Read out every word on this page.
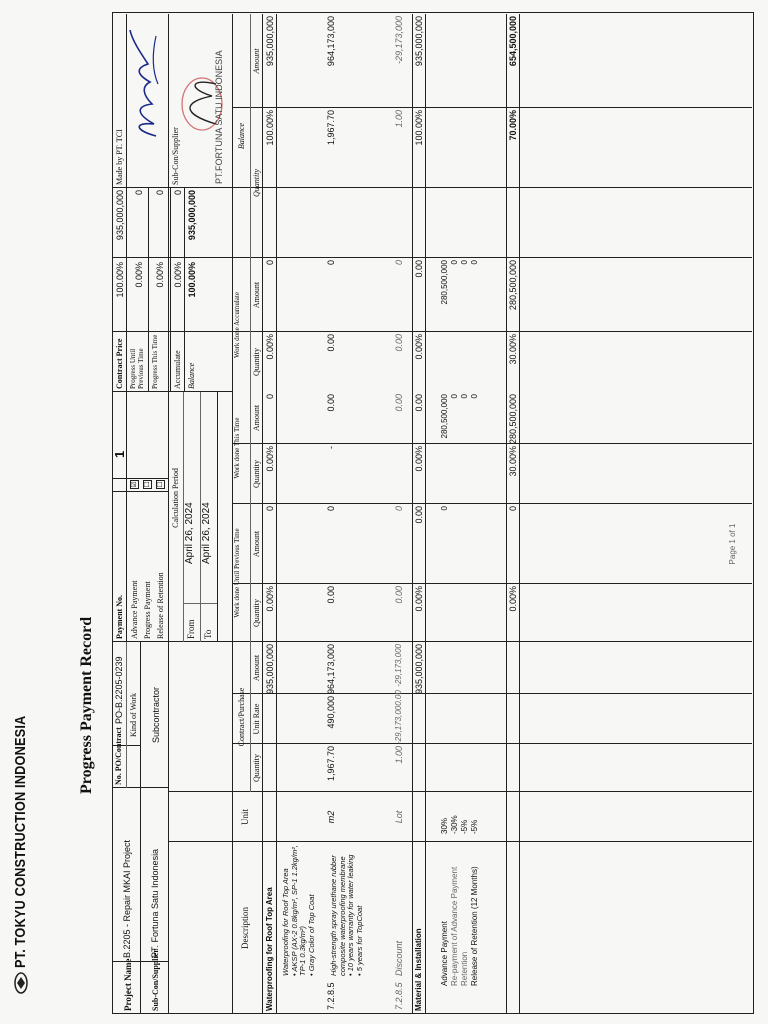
PT. TOKYU CONSTRUCTION INDONESIA
Progress Payment Record
Project Name
B.2205 - Repair MKAI Project
No. PO/Contract
PO-B.2205-0239
Sub-Con/Supplier
PT. Fortuna Satu Indonesia
Kind of Work Subcontractor
Payment No.
1
Advance Payment Progress Payment Release of Retention
☑ ☐ ☐ Calculation Period
From To
April 26, 2024 April 26, 2024
Contract Price
100.00%
935,000,000
Progress Until Previous Time
0.00%
0
Progress This Time
0.00%
0
Accumulate
0.00%
0
Balance
100.00%
935,000,000
Made by PT. TCI	Sub-Con/Supplier	PT.FORTUNA SATU INDONESIA
Description
Unit
Contract/Purchase
Quantity
Unit Rate
Amount
Work done Until Previous Time Quantity
Amount
Work done This Time Quantity
Amount
Work done Accumulate
Quantity
Amount
Balance
Quantity
Amount
Waterproofing for Roof Top Area
935,000,000
0.00%
0
0.00%
0
0.00%
0
100.00%
935,000,000
7.2.8.5
Waterproofing for Roof Top Area
• AKSP (AX-2 0.8kg/m², SP-1 1.2kg/m²,
TP-1 0.3kg/m²)
• Gray Color of Top Coat
High-strength spray urethane rubber
composite waterproofing membrane
• 10 years warranty for water leaking
• 5 years for TopCoat
m2
1,967.70
490,000
964,173,000
0.00
0
-
0.00
0.00
0
1,967.70
964,173,000
7.2.8.5
Discount
Lot
1.00
-29,173,000.00
-29,173,000
0.00
0
0.00
0.00
0
1.00
-29,173,000
Material & Installation
935,000,000
0.00%
0.00
0.00%
0.00
0.00%
0.00
100.00%
935,000,000
Advance Payment Re-payment of Advance Payment Retention Release of Retention (12 Months)
30% -30% -5% -5%
0
280,500,000 0 0 0
280,500,000 0 0 0
0.00%
0
30.00%
280,500,000
30.00%
280,500,000
70.00%
654,500,000
Page 1 of 1
